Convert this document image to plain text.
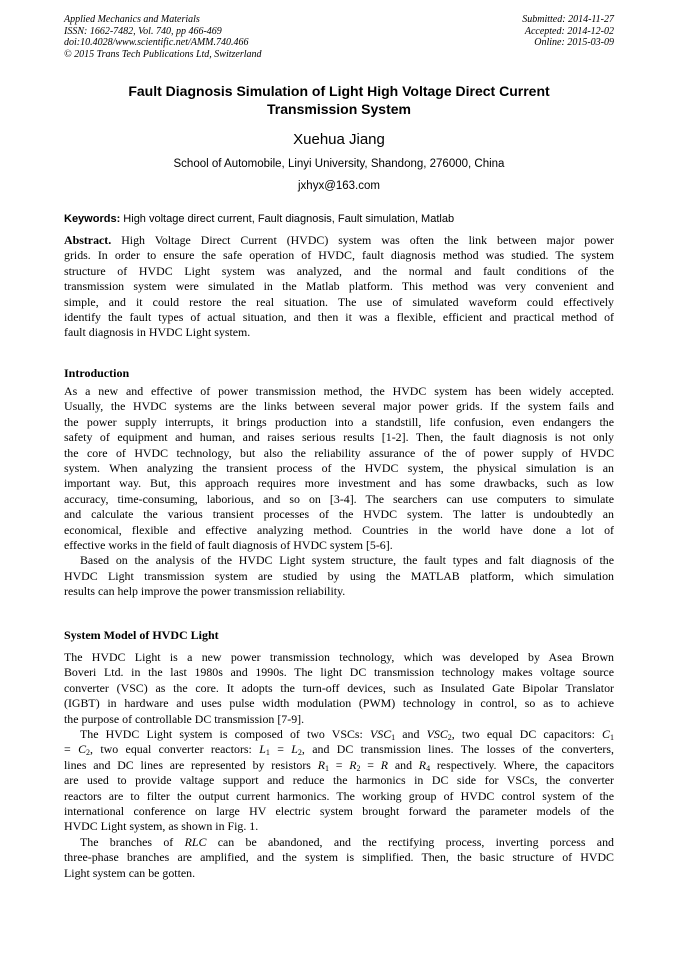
Applied Mechanics and Materials
ISSN: 1662-7482, Vol. 740, pp 466-469
doi:10.4028/www.scientific.net/AMM.740.466
© 2015 Trans Tech Publications Ltd, Switzerland
Submitted: 2014-11-27
Accepted: 2014-12-02
Online: 2015-03-09
Fault Diagnosis Simulation of Light High Voltage Direct Current
Transmission System
Xuehua Jiang
School of Automobile, Linyi University, Shandong, 276000, China
jxhyx@163.com
Keywords: High voltage direct current, Fault diagnosis, Fault simulation, Matlab
Abstract. High Voltage Direct Current (HVDC) system was often the link between major power
grids. In order to ensure the safe operation of HVDC, fault diagnosis method was studied. The system
structure of HVDC Light system was analyzed, and the normal and fault conditions of the
transmission system were simulated in the Matlab platform. This method was very convenient and
simple, and it could restore the real situation. The use of simulated waveform could effectively
identify the fault types of actual situation, and then it was a flexible, efficient and practical method of
fault diagnosis in HVDC Light system.
Introduction
As a new and effective of power transmission method, the HVDC system has been widely accepted.
Usually, the HVDC systems are the links between several major power grids. If the system fails and
the power supply interrupts, it brings production into a standstill, life confusion, even endangers the
safety of equipment and human, and raises serious results [1-2]. Then, the fault diagnosis is not only
the core of HVDC technology, but also the reliability assurance of the of power supply of HVDC
system. When analyzing the transient process of the HVDC system, the physical simulation is an
important way. But, this approach requires more investment and has some drawbacks, such as low
accuracy, time-consuming, laborious, and so on [3-4]. The searchers can use computers to simulate
and calculate the various transient processes of the HVDC system. The latter is undoubtedly an
economical, flexible and effective analyzing method. Countries in the world have done a lot of
effective works in the field of fault diagnosis of HVDC system [5-6].
Based on the analysis of the HVDC Light system structure, the fault types and falt diagnosis of the
HVDC Light transmission system are studied by using the MATLAB platform, which simulation
results can help improve the power transmission reliability.
System Model of HVDC Light
The HVDC Light is a new power transmission technology, which was developed by Asea Brown
Boveri Ltd. in the last 1980s and 1990s. The light DC transmission technology makes voltage source
converter (VSC) as the core. It adopts the turn-off devices, such as Insulated Gate Bipolar Translator
(IGBT) in hardware and uses pulse width modulation (PWM) technology in control, so as to achieve
the purpose of controllable DC transmission [7-9].
The HVDC Light system is composed of two VSCs: $VSC_1$ and $VSC_2$, two equal DC capacitors: $C_1$
= $C_2$, two equal converter reactors: $L_1 = L_2$, and DC transmission lines. The losses of the converters,
lines and DC lines are represented by resistors $R_1 = R_2 = R$ and $R_4$ respectively. Where, the capacitors
are used to provide valtage support and reduce the harmonics in DC side for VSCs, the converter
reactors are to filter the output current harmonics. The working group of HVDC control system of the
international conference on large HV electric system brought forward the parameter models of the
HVDC Light system, as shown in Fig. 1.
The branches of RLC can be abandoned, and the rectifying process, inverting porcess and
three-phase branches are amplified, and the system is simplified. Then, the basic structure of HVDC
Light system can be gotten.
